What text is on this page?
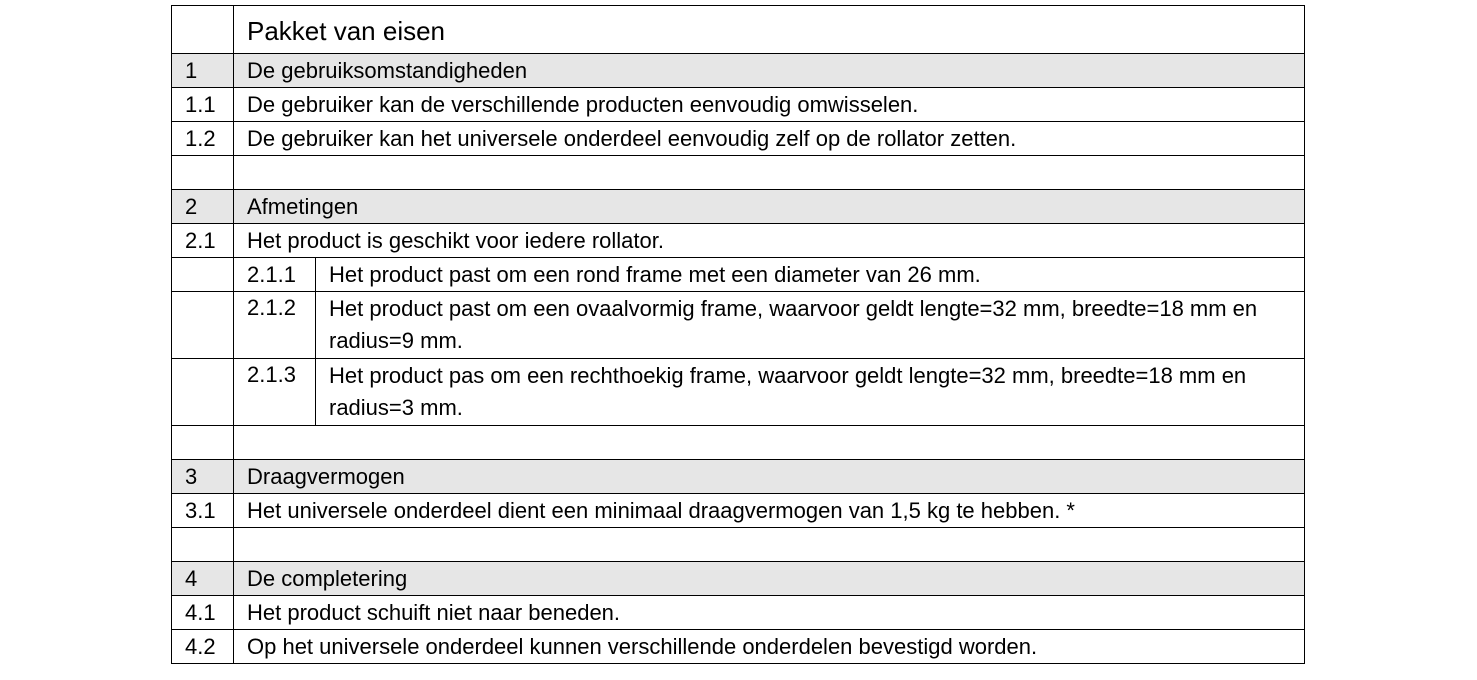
	Pakket van eisen	
1	De gebruiksomstandigheden	
1.1	De gebruiker kan de verschillende producten eenvoudig omwisselen.	
1.2	De gebruiker kan het universele onderdeel eenvoudig zelf op de rollator zetten.	

2	Afmetingen	
2.1	Het product is geschikt voor iedere rollator.	
	2.1.1	Het product past om een rond frame met een diameter van 26 mm.
	2.1.2	Het product past om een ovaalvormig frame, waarvoor geldt lengte=32 mm, breedte=18 mm en radius=9 mm.
	2.1.3	Het product pas om een rechthoekig frame, waarvoor geldt lengte=32 mm, breedte=18 mm en radius=3 mm.

3	Draagvermogen	
3.1	Het universele onderdeel dient een minimaal draagvermogen van 1,5 kg te hebben. *	

4	De completering	
4.1	Het product schuift niet naar beneden.	
4.2	Op het universele onderdeel kunnen verschillende onderdelen bevestigd worden.	
